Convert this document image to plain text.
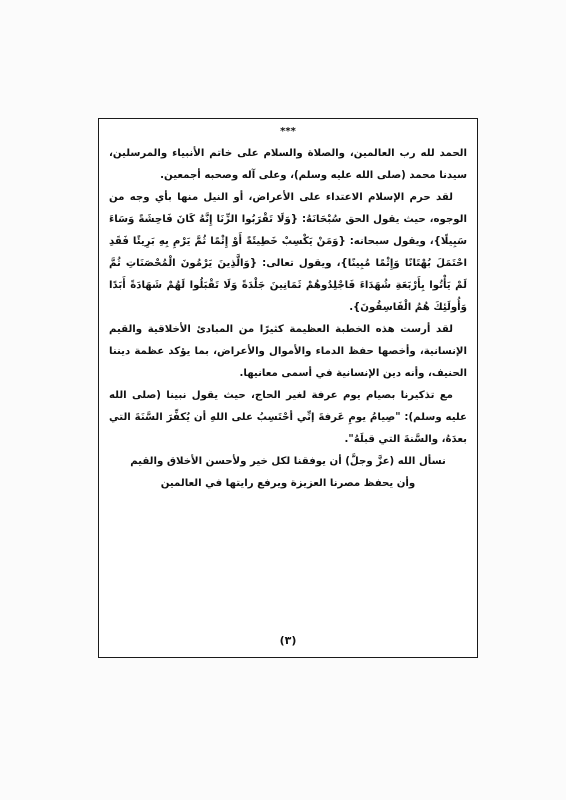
***

الحمد لله رب العالمين، والصلاة والسلام على خاتم الأنبياء والمرسلين، سيدنا محمد (صلى الله عليه وسلم)، وعلى آله وصحبه أجمعين.

لقد حرم الإسلام الاعتداء على الأعراض، أو النيل منها بأي وجه من الوجوه، حيث يقول الحق سُبْحَانَهُ: {وَلَا تَقْرَبُوا الزِّنَا إِنَّهُ كَانَ فَاحِشَةً وَسَاءَ سَبِيلًا}، ويقول سبحانه: {وَمَنْ يَكْسِبْ خَطِيئَةً أَوْ إِثْمًا ثُمَّ يَرْمِ بِهِ بَرِيئًا فَقَدِ احْتَمَلَ بُهْتَانًا وَإِثْمًا مُبِينًا}، ويقول تعالى: {وَالَّذِينَ يَرْمُونَ الْمُحْصَنَاتِ ثُمَّ لَمْ يَأْتُوا بِأَرْبَعَةِ شُهَدَاءَ فَاجْلِدُوهُمْ ثَمَانِينَ جَلْدَةً وَلَا تَقْبَلُوا لَهُمْ شَهَادَةً أَبَدًا وَأُولَئِكَ هُمُ الْفَاسِقُونَ}.

لقد أرست هذه الخطبة العظيمة كثيرًا من المبادئ الأخلاقية والقيم الإنسانية، وأخصها حفظ الدماء والأموال والأعراض، بما يؤكد عظمة ديننا الحنيف، وأنه دين الإنسانية في أسمى معانيها.

مع تذكيرنا بصيام يوم عرفة لغير الحاج، حيث يقول نبينا (صلى الله عليه وسلم): "صِيامُ يومِ عَرفةَ إنِّي أحْتَسِبُ على اللهِ أن يُكفِّرَ السَّنَةَ التي بعدَهُ، والسَّنةَ التي قبلَهُ".

نسأل الله (عزَّ وجلَّ) أن يوفقنا لكل خير ولأحسن الأخلاق والقيم

وأن يحفظ مصرنا العزيزة ويرفع رايتها في العالمين

(٣)
